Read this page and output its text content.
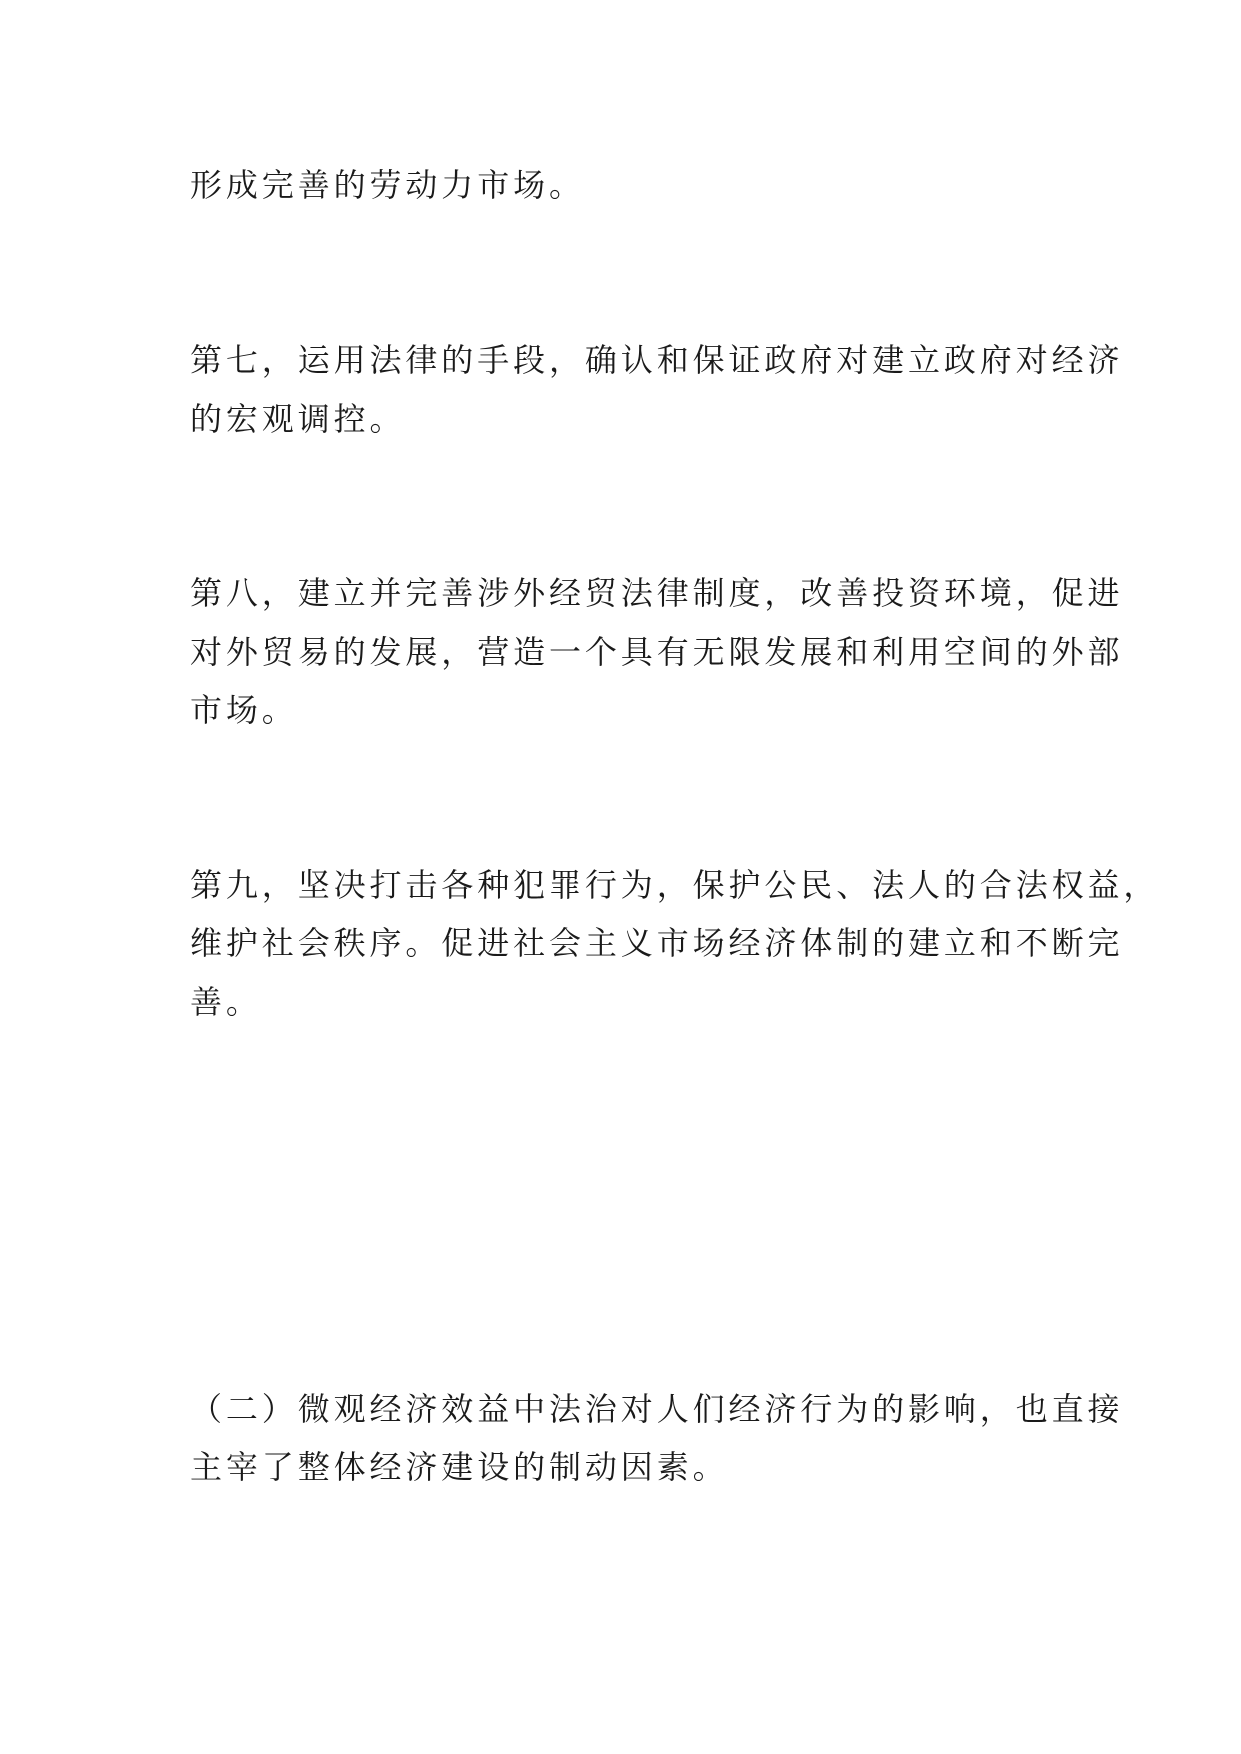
形成完善的劳动力市场。
第七，运用法律的手段，确认和保证政府对建立政府对经济
的宏观调控。
第八，建立并完善涉外经贸法律制度，改善投资环境，促进
对外贸易的发展，营造一个具有无限发展和利用空间的外部
市场。
第九，坚决打击各种犯罪行为，保护公民、法人的合法权益，
维护社会秩序。促进社会主义市场经济体制的建立和不断完
善。
（二）微观经济效益中法治对人们经济行为的影响，也直接
主宰了整体经济建设的制动因素。
